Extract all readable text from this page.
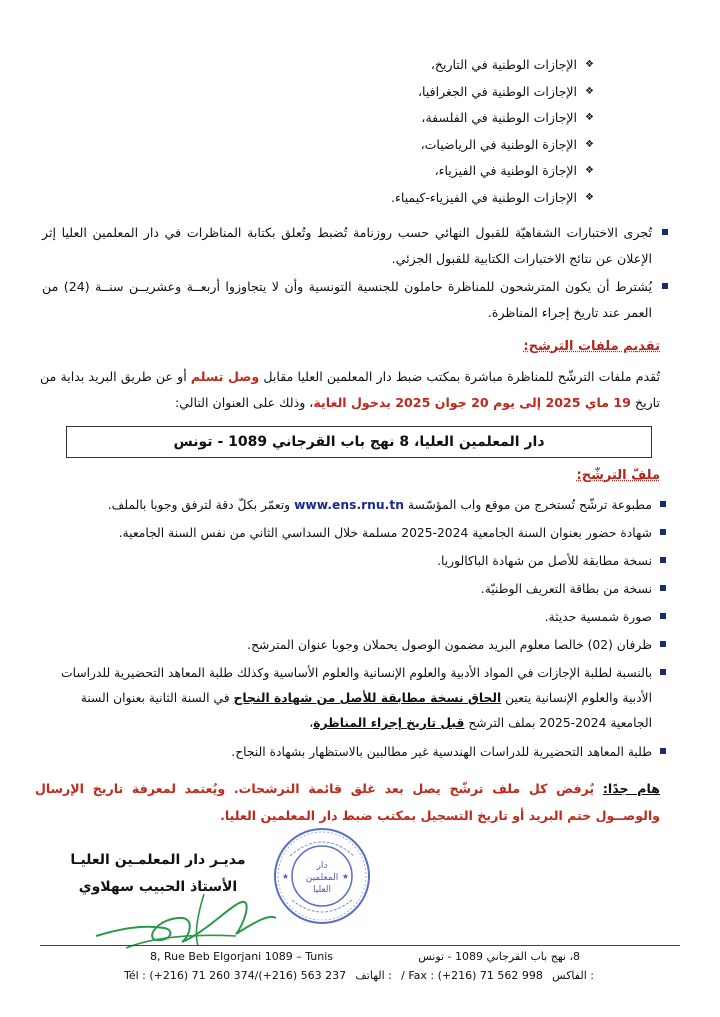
❖
الإجازات الوطنية في التاريخ،
❖
الإجازات الوطنية في الجغرافيا،
❖
الإجازات الوطنية في الفلسفة،
❖
الإجازة الوطنية في الرياضيات،
❖
الإجازة الوطنية في الفيزياء،
❖
الإجازات الوطنية في الفيزياء-كيمياء.
تُجرى الاختبارات الشفاهيّة للقبول النهائي حسب روزنامة تُضبط وتُعلق بكتابة المناظرات في دار المعلمين العليا إثر الإعلان عن نتائج الاختبارات الكتابية للقبول الجزئي.
يُشترط أن يكون المترشحون للمناظرة حاملون للجنسية التونسية وأن لا يتجاوزوا أربعــة وعشريــن سنــة (24) من العمر عند تاريخ إجراء المناظرة.
تقديم ملفات الترشح:
تُقدم ملفات الترشّح للمناظرة مباشرة بمكتب ضبط دار المعلمين العليا مقابل وصل تسلم أو عن طريق البريد بداية من تاريخ 19 ماي 2025 إلى يوم 20 جوان 2025 بدخول الغاية، وذلك على العنوان التالي:
دار المعلمين العليا، 8 نهج باب القرجاني 1089 - تونس
ملفّ الترشّح:
مطبوعة ترشّح تُستخرج من موقع واب المؤسّسة www.ens.rnu.tn وتعمّر بكلّ دقة لترفق وجوبا بالملف.
شهادة حضور بعنوان السنة الجامعية 2024-2025 مسلمة خلال السداسي الثاني من نفس السنة الجامعية.
نسخة مطابقة للأصل من شهادة الباكالوريا.
نسخة من بطاقة التعريف الوطنيّة.
صورة شمسية حديثة.
ظرفان (02) خالصا معلوم البريد مضمون الوصول يحملان وجوبا عنوان المترشح.
بالنسبة لطلبة الإجازات في المواد الأدبية والعلوم الإنسانية والعلوم الأساسية وكذلك طلبة المعاهد التحضيرية للدراسات الأدبية والعلوم الإنسانية يتعين الحاق نسخة مطابقة للأصل من شهادة النجاح في السنة الثانية بعنوان السنة الجامعية 2024-2025 بملف الترشح قبل تاريخ إجراء المناظرة،
طلبة المعاهد التحضيرية للدراسات الهندسية غير مطالبين بالاستظهار بشهادة النجاح.
هام جدًا: يُرفض كل ملف ترشّح يصل بعد غلق قائمة الترشحات. ويُعتمد لمعرفة تاريخ الإرسال والوصــول ختم البريد أو تاريخ التسجيل بمكتب ضبط دار المعلمين العليا.
مديـر دار المعلمـين العليـا
الأستاذ الحبيب سهلاوي
دار
المعلمين
العليا
★	★
8, Rue Beb Elgorjani 1089 – Tunis	8، نهج باب القرجاني 1089 - تونس
Tél : (+216) 71 260 374/(+216) 563 237 : الهاتف / Fax : (+216) 71 562 998 : الفاكس
